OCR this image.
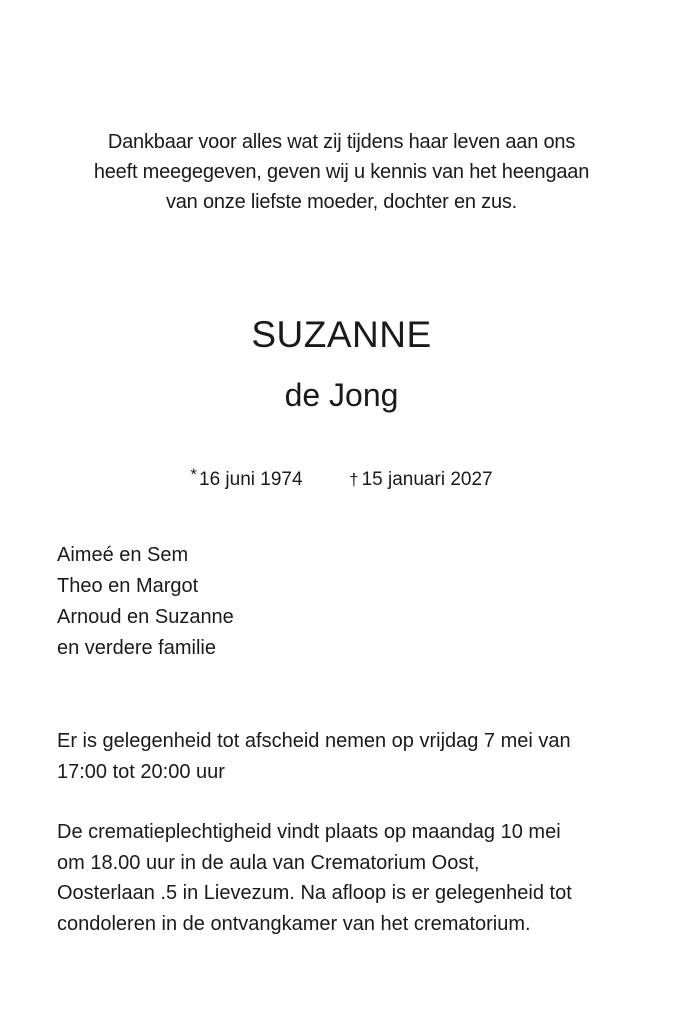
Dankbaar voor alles wat zij tijdens haar leven aan ons
heeft meegegeven, geven wij u kennis van het heengaan
van onze liefste moeder, dochter en zus.

SUZANNE
de Jong
* 16 juni 1974	† 15 januari 2027
Aimeé en Sem
Theo en Margot
Arnoud en Suzanne
en verdere familie

Er is gelegenheid tot afscheid nemen op vrijdag 7 mei van
17:00 tot 20:00 uur

De crematieplechtigheid vindt plaats op maandag 10 mei
om 18.00 uur in de aula van Crematorium Oost,
Oosterlaan .5 in Lievezum. Na afloop is er gelegenheid tot
condoleren in de ontvangkamer van het crematorium.
